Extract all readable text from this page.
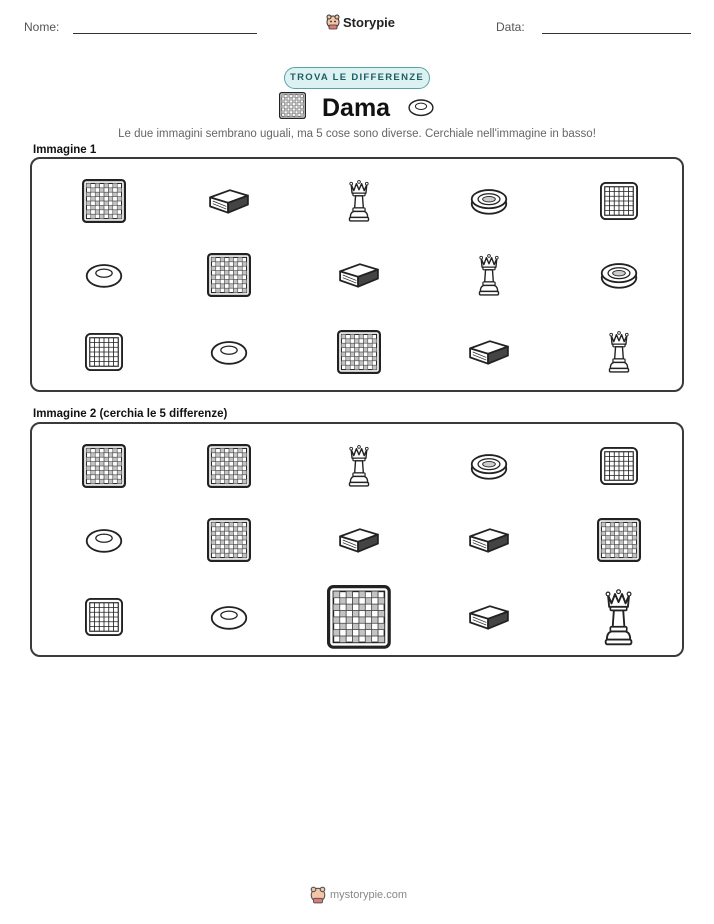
Nome:	Storypie	Data:
TROVA LE DIFFERENZE
Dama
Le due immagini sembrano uguali, ma 5 cose sono diverse. Cerchiale nell'immagine in basso!
Immagine 1
Immagine 2 (cerchia le 5 differenze)
mystorypie.com
